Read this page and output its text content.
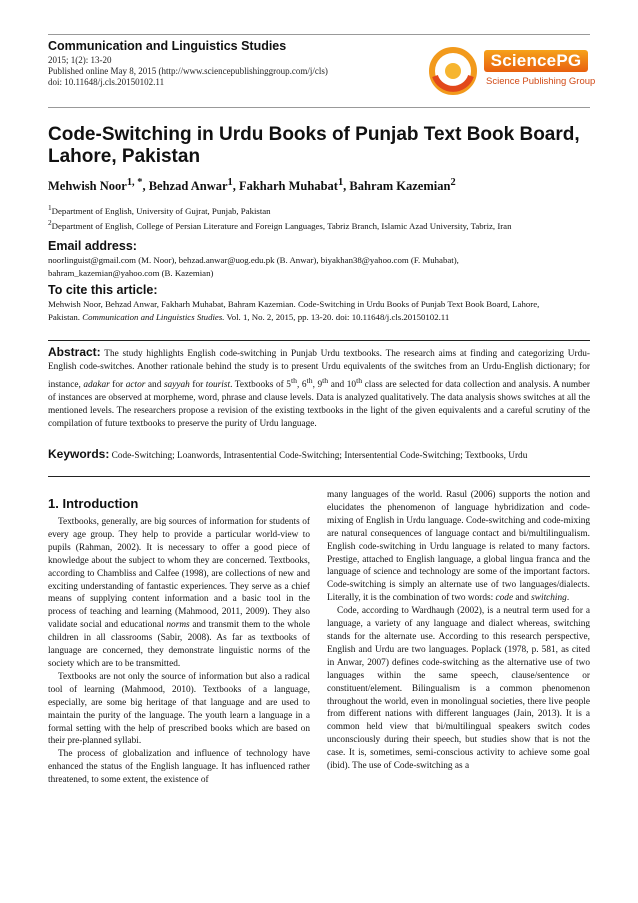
Communication and Linguistics Studies
2015; 1(2): 13-20
Published online May 8, 2015 (http://www.sciencepublishinggroup.com/j/cls)
doi: 10.11648/j.cls.20150102.11
SciencePG
Science Publishing Group
Code-Switching in Urdu Books of Punjab Text Book Board, Lahore, Pakistan
Mehwish Noor$^{1, *}$, Behzad Anwar$^1$, Fakharh Muhabat$^1$, Bahram Kazemian$^2$
$^1$Department of English, University of Gujrat, Punjab, Pakistan
$^2$Department of English, College of Persian Literature and Foreign Languages, Tabriz Branch, Islamic Azad University, Tabriz, Iran
Email address:
noorlinguist@gmail.com (M. Noor), behzad.anwar@uog.edu.pk (B. Anwar), biyakhan38@yahoo.com (F. Muhabat),
bahram_kazemian@yahoo.com (B. Kazemian)
To cite this article:
Mehwish Noor, Behzad Anwar, Fakharh Muhabat, Bahram Kazemian. Code-Switching in Urdu Books of Punjab Text Book Board, Lahore,
Pakistan. Communication and Linguistics Studies. Vol. 1, No. 2, 2015, pp. 13-20. doi: 10.11648/j.cls.20150102.11
Abstract: The study highlights English code-switching in Punjab Urdu textbooks. The research aims at finding and categorizing Urdu-English code-switches. Another rationale behind the study is to present Urdu equivalents of the switches from an Urdu-English dictionary; for instance, adakar for actor and sayyah for tourist. Textbooks of 5th, 6th, 9th and 10th class are selected for data collection and analysis. A number of instances are observed at morpheme, word, phrase and clause levels. Data is analyzed qualitatively. The data analysis shows switches at all the mentioned levels. The researchers propose a revision of the existing textbooks in the light of the given equivalents and a careful scrutiny of the compilation of future textbooks to preserve the purity of Urdu language.
Keywords: Code-Switching; Loanwords, Intrasentential Code-Switching; Intersentential Code-Switching; Textbooks, Urdu
1. Introduction

Textbooks, generally, are big sources of information for students of every age group. They help to provide a particular world-view to pupils (Rahman, 2002). It is necessary to offer a good piece of knowledge about the subject to whom they are concerned. Textbooks, according to Chambliss and Calfee (1998), are collections of new and exciting understanding of fantastic experiences. They serve as a chief means of supplying content information and a basic tool in the process of teaching and learning (Mahmood, 2011, 2009). They also validate social and educational norms and transmit them to the whole children in all classrooms (Sabir, 2008). As far as textbooks of language are concerned, they demonstrate linguistic norms of the society which are to be transmitted.

Textbooks are not only the source of information but also a radical tool of learning (Mahmood, 2010). Textbooks of a language, especially, are some big heritage of that language and are used to maintain the purity of the language. The youth learn a language in a formal setting with the help of prescribed books which are based on their pre-planned syllabi.

The process of globalization and influence of technology have enhanced the status of the English language. It has influenced rather threatened, to some extent, the existence of

many languages of the world. Rasul (2006) supports the notion and elucidates the phenomenon of language hybridization and code-mixing of English in Urdu language. Code-switching and code-mixing are natural consequences of language contact and bi/multilingualism. English code-switching in Urdu language is related to many factors. Prestige, attached to English language, a global lingua franca and the language of science and technology are some of the important factors. Code-switching is simply an alternate use of two languages/dialects. Literally, it is the combination of two words: code and switching.

Code, according to Wardhaugh (2002), is a neutral term used for a language, a variety of any language and dialect whereas, switching stands for the alternate use. According to this research perspective, English and Urdu are two languages. Poplack (1978, p. 581, as cited in Anwar, 2007) defines code-switching as the alternative use of two languages within the same speech, clause/sentence or constituent/element. Bilingualism is a common phenomenon throughout the world, even in monolingual societies, there live people from different nations with different languages (Jain, 2013). It is a common held view that bi/multilingual speakers switch codes unconsciously during their speech, but studies show that is not the case. It is, sometimes, semi-conscious activity to achieve some goal (ibid). The use of Code-switching as a
